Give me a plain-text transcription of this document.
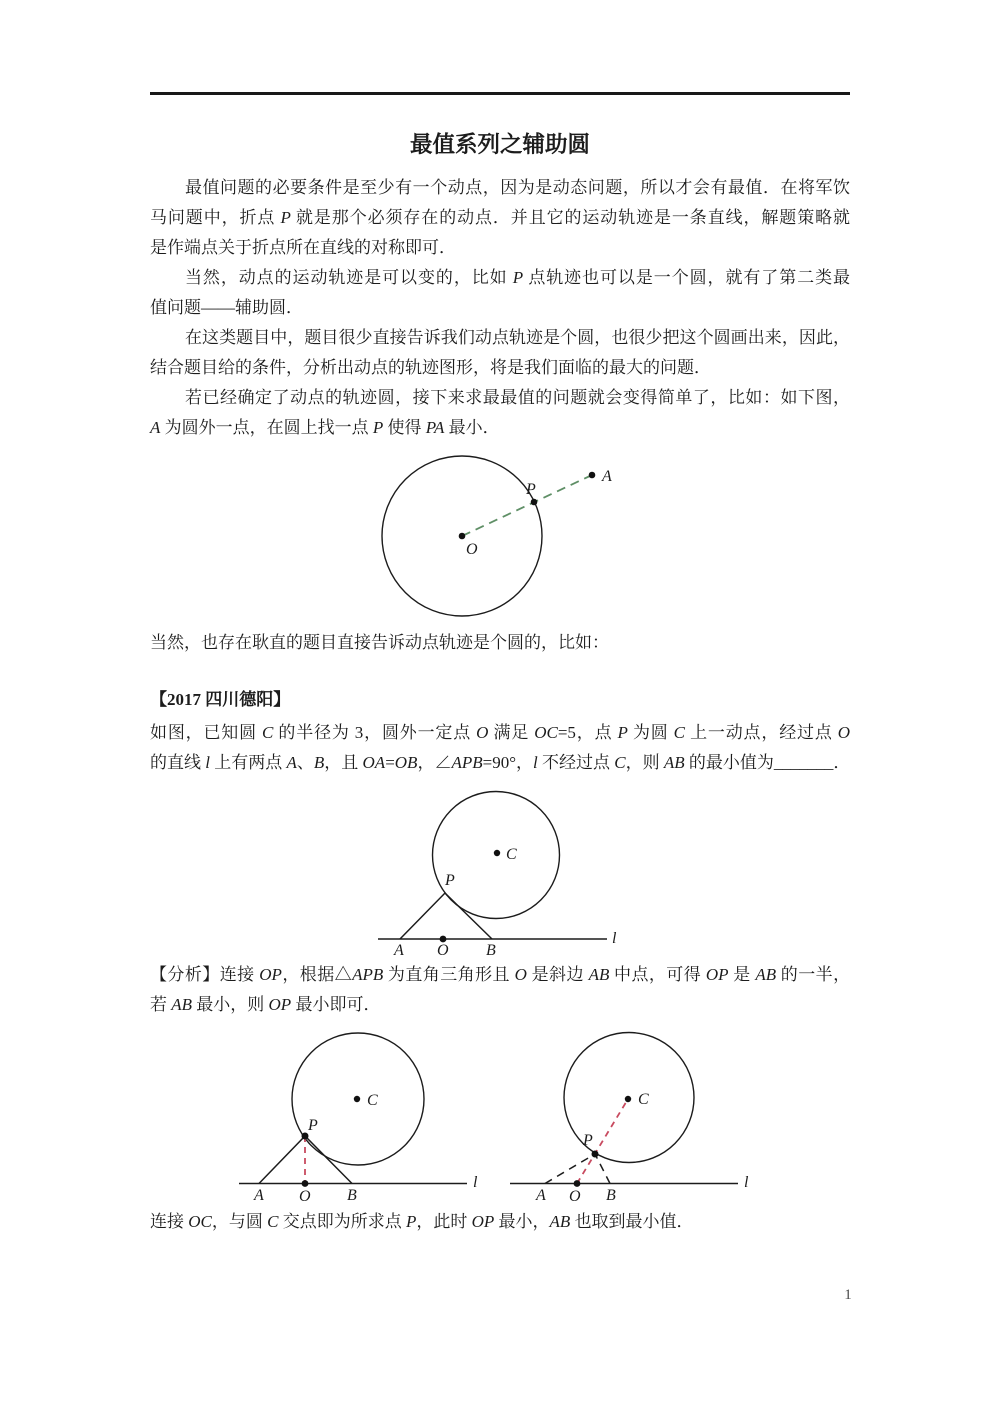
最值系列之辅助圆
最值问题的必要条件是至少有一个动点，因为是动态问题，所以才会有最值．在将军饮
马问题中，折点 P 就是那个必须存在的动点．并且它的运动轨迹是一条直线，解题策略就
是作端点关于折点所在直线的对称即可．
当然，动点的运动轨迹是可以变的，比如 P 点轨迹也可以是一个圆，就有了第二类最
值问题——辅助圆．
在这类题目中，题目很少直接告诉我们动点轨迹是个圆，也很少把这个圆画出来，因此，
结合题目给的条件，分析出动点的轨迹图形，将是我们面临的最大的问题．
若已经确定了动点的轨迹圆，接下来求最最值的问题就会变得简单了，比如：如下图，
A 为圆外一点，在圆上找一点 P 使得 PA 最小．
O
P
A
当然，也存在耿直的题目直接告诉动点轨迹是个圆的，比如：
【2017 四川德阳】
如图，已知圆 C 的半径为 3，圆外一定点 O 满足 OC=5，点 P 为圆 C 上一动点，经过点 O
的直线 l 上有两点 A、B，且 OA=OB，∠APB=90°，l 不经过点 C，则 AB 的最小值为_______．
C
P
A O B
l
【分析】连接 OP，根据△APB 为直角三角形且 O 是斜边 AB 中点，可得 OP 是 AB 的一半，
若 AB 最小，则 OP 最小即可．
C
P
A O B
l
C
P
A O B
l
连接 OC，与圆 C 交点即为所求点 P，此时 OP 最小，AB 也取到最小值．
1
